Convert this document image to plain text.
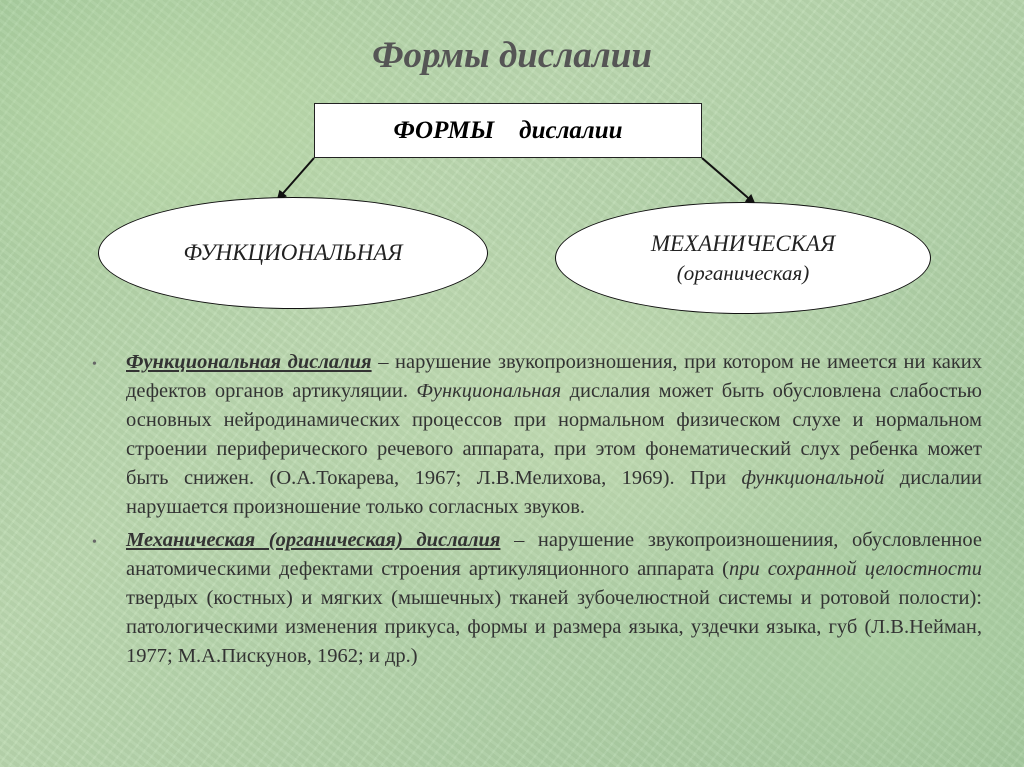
Формы дислалии
ФОРМЫ    дислалии
ФУНКЦИОНАЛЬНАЯ	МЕХАНИЧЕСКАЯ
(органическая)
• Функциональная дислалия – нарушение звукопроизношения, при котором не имеется ни каких дефектов органов артикуляции. Функциональная дислалия может быть обусловлена слабостью основных нейродинамических процессов при нормальном физическом слухе и нормальном строении периферического речевого аппарата, при этом фонематический слух ребенка может быть снижен. (О.А.Токарева, 1967; Л.В.Мелихова, 1969). При функциональной дислалии нарушается произношение только согласных звуков.
• Механическая (органическая) дислалия – нарушение звукопроизношениия, обусловленное анатомическими дефектами строения артикуляционного аппарата (при сохранной целостности твердых (костных) и мягких (мышечных) тканей зубочелюстной системы и ротовой полости): патологическими изменения прикуса, формы и размера языка, уздечки языка, губ (Л.В.Нейман, 1977; М.А.Пискунов, 1962; и др.)
